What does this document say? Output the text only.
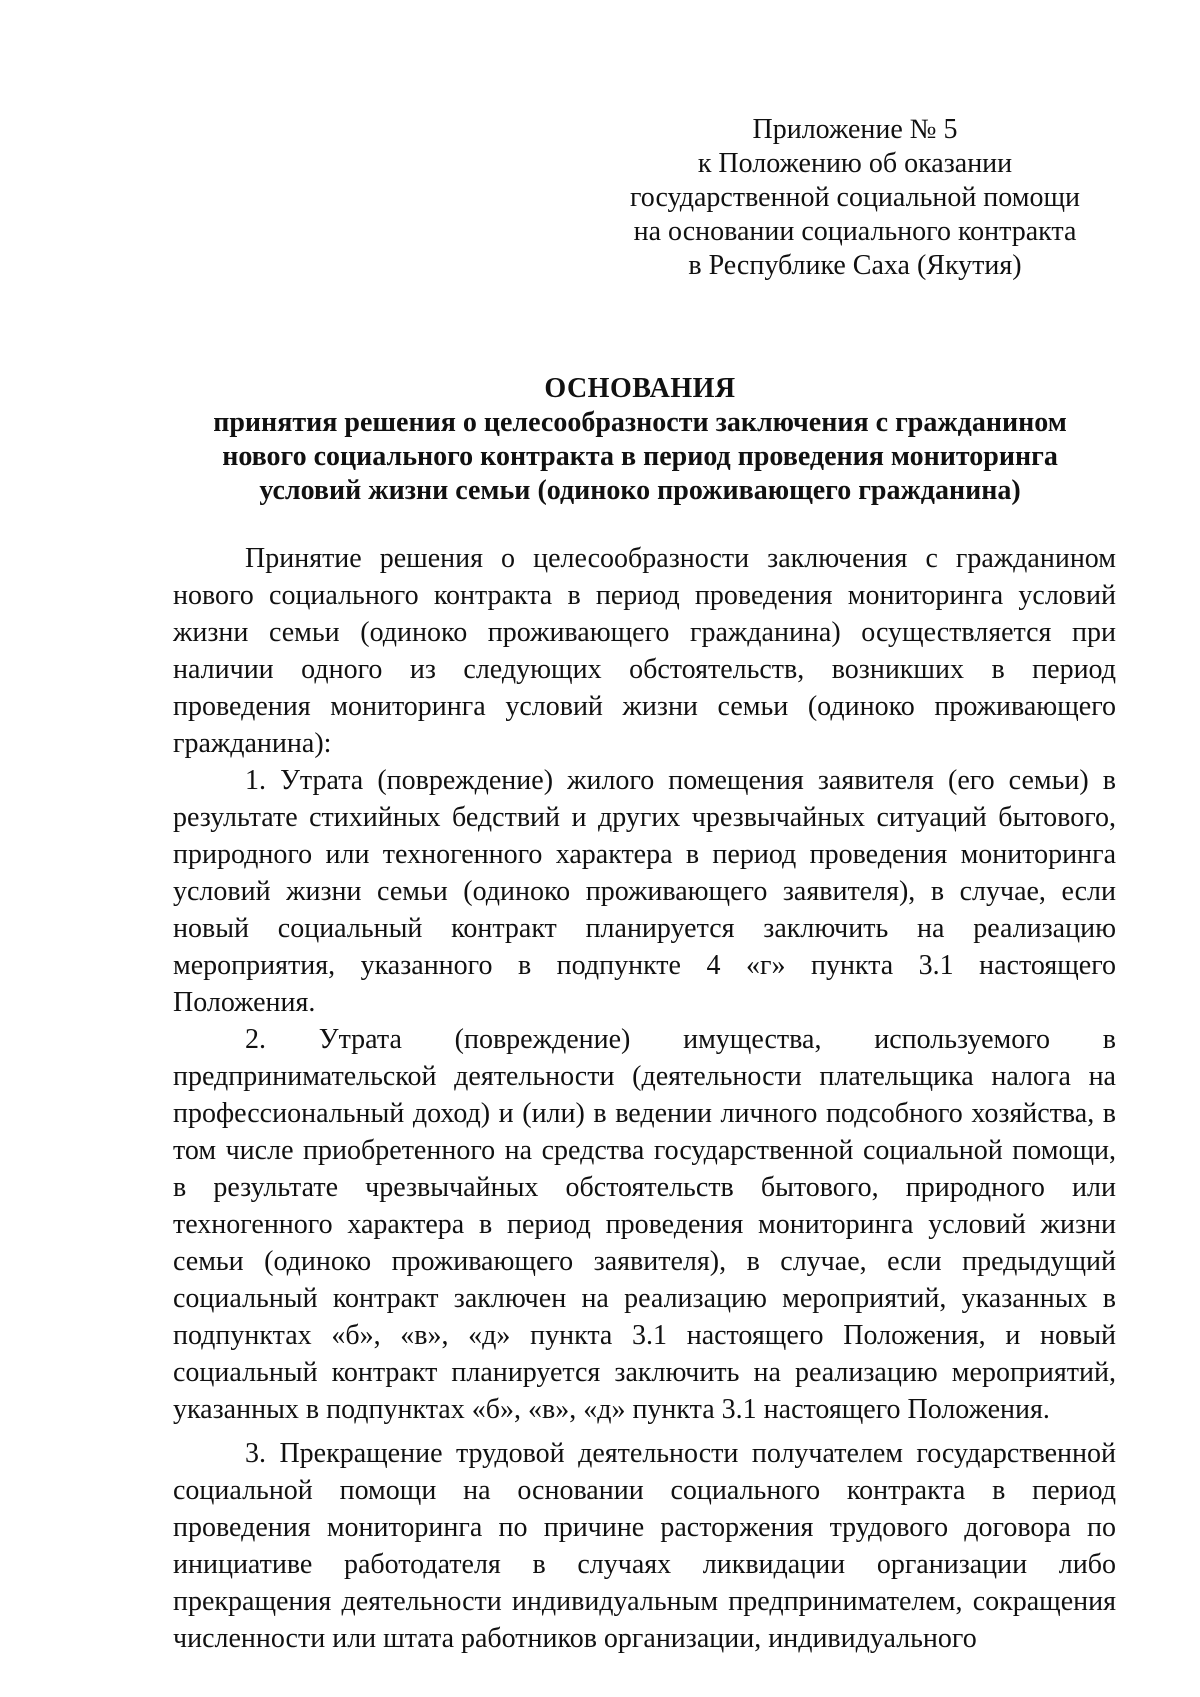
Приложение № 5
к Положению об оказании
государственной социальной помощи
на основании социального контракта
в Республике Саха (Якутия)
ОСНОВАНИЯ
принятия решения о целесообразности заключения с гражданином
нового социального контракта в период проведения мониторинга
условий жизни семьи (одиноко проживающего гражданина)

Принятие решения о целесообразности заключения с гражданином нового социального контракта в период проведения мониторинга условий жизни семьи (одиноко проживающего гражданина) осуществляется при наличии одного из следующих обстоятельств, возникших в период проведения мониторинга условий жизни семьи (одиноко проживающего гражданина):

1. Утрата (повреждение) жилого помещения заявителя (его семьи) в результате стихийных бедствий и других чрезвычайных ситуаций бытового, природного или техногенного характера в период проведения мониторинга условий жизни семьи (одиноко проживающего заявителя), в случае, если новый социальный контракт планируется заключить на реализацию мероприятия, указанного в подпункте 4 «г» пункта 3.1 настоящего Положения.

2. Утрата (повреждение) имущества, используемого в предпринимательской деятельности (деятельности плательщика налога на профессиональный доход) и (или) в ведении личного подсобного хозяйства, в том числе приобретенного на средства государственной социальной помощи, в результате чрезвычайных обстоятельств бытового, природного или техногенного характера в период проведения мониторинга условий жизни семьи (одиноко проживающего заявителя), в случае, если предыдущий социальный контракт заключен на реализацию мероприятий, указанных в подпунктах «б», «в», «д» пункта 3.1 настоящего Положения, и новый социальный контракт планируется заключить на реализацию мероприятий, указанных в подпунктах «б», «в», «д» пункта 3.1 настоящего Положения.

3. Прекращение трудовой деятельности получателем государственной социальной помощи на основании социального контракта в период проведения мониторинга по причине расторжения трудового договора по инициативе работодателя в случаях ликвидации организации либо прекращения деятельности индивидуальным предпринимателем, сокращения численности или штата работников организации, индивидуального
